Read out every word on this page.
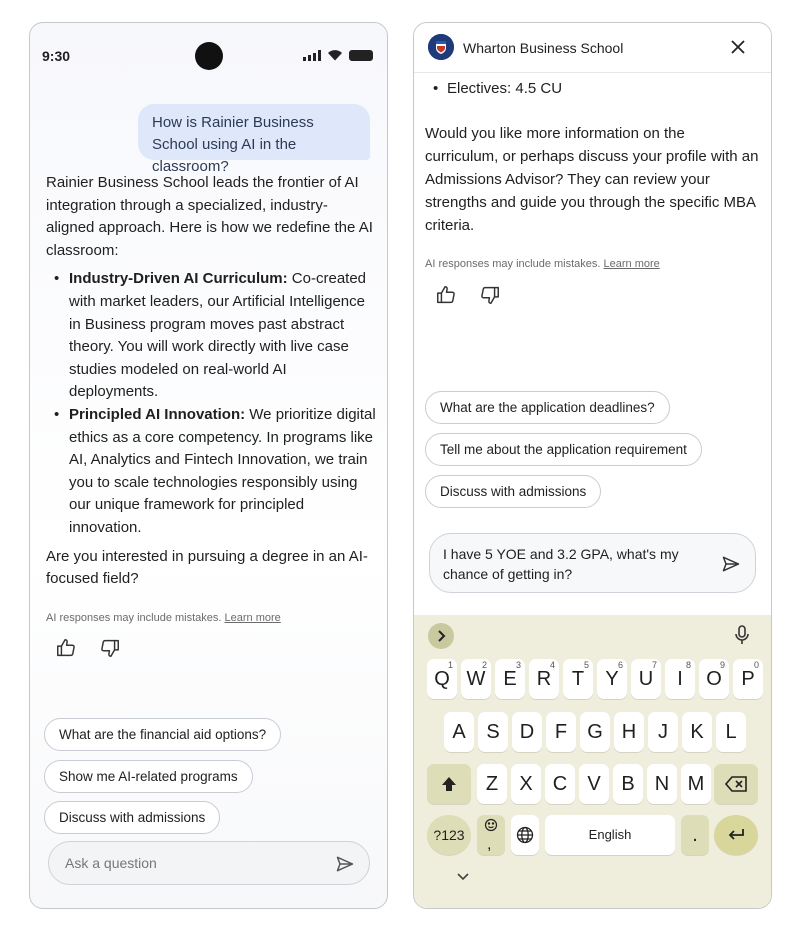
9:30
How is Rainier Business School using AI in the classroom?

Rainier Business School leads the frontier of AI integration through a specialized, industry-aligned approach. Here is how we redefine the AI classroom:

• Industry-Driven AI Curriculum: Co-created with market leaders, our Artificial Intelligence in Business program moves past abstract theory. You will work directly with live case studies modeled on real-world AI deployments.
• Principled AI Innovation: We prioritize digital ethics as a core competency. In programs like AI, Analytics and Fintech Innovation, we train you to scale technologies responsibly using our unique framework for principled innovation.

Are you interested in pursuing a degree in an AI-focused field?

AI responses may include mistakes. Learn more
What are the financial aid options?
Show me AI-related programs
Discuss with admissions
Ask a question
Wharton Business School
• Electives: 4.5 CU
Would you like more information on the curriculum, or perhaps discuss your profile with an Admissions Advisor? They can review your strengths and guide you through the specific MBA criteria.
AI responses may include mistakes. Learn more
What are the application deadlines?
Tell me about the application requirement
Discuss with admissions
I have 5 YOE and 3.2 GPA, what's my chance of getting in?
Q
1
W
2
E
3
R
4
T
5
Y
6
U
7
I
8
O
9
P
0
A	S	D	F	G H	J	K	L
Z	X	C	V	B	N M
?123
,
English	.
